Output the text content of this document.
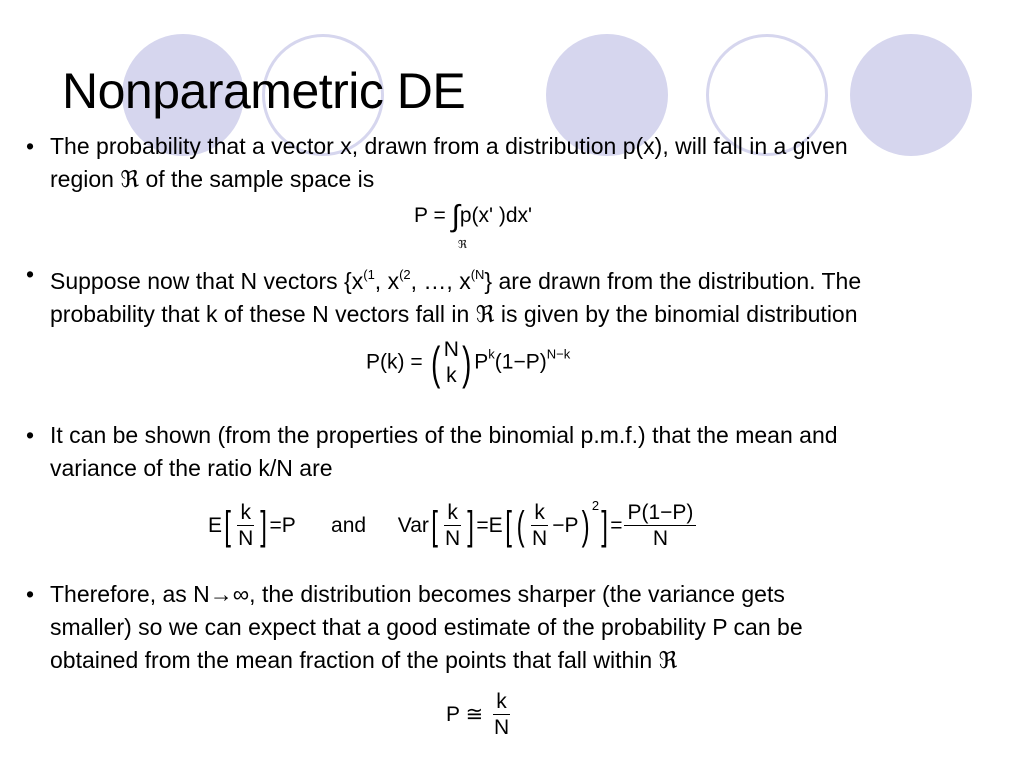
Nonparametric DE
• The probability that a vector x, drawn from a distribution p(x), will fall in a given
region ℜ of the sample space is
P = ∫p(x' )dx'
ℜ
• Suppose now that N vectors {$x^{(1}$, $x^{(2}$, …, $x^{(N}$} are drawn from the distribution. The
probability that k of these N vectors fall in ℜ is given by the binomial distribution
P(k) = ( N
k ) $P^k(1-P)^{N-k}$
• It can be shown (from the properties of the binomial p.m.f.) that the mean and
variance of the ratio k/N are
$E[ \frac{k}{N}$ ] =P and $Var[ \frac{k}{N}$ ] =E[ ( $\frac{k}{N} -P$) $^2] = \frac{P(1-P)}{N}$
• Therefore, as N→∞, the distribution becomes sharper (the variance gets
smaller) so we can expect that a good estimate of the probability P can be
obtained from the mean fraction of the points that fall within ℜ
P ≅ $\frac{k}{N}$
